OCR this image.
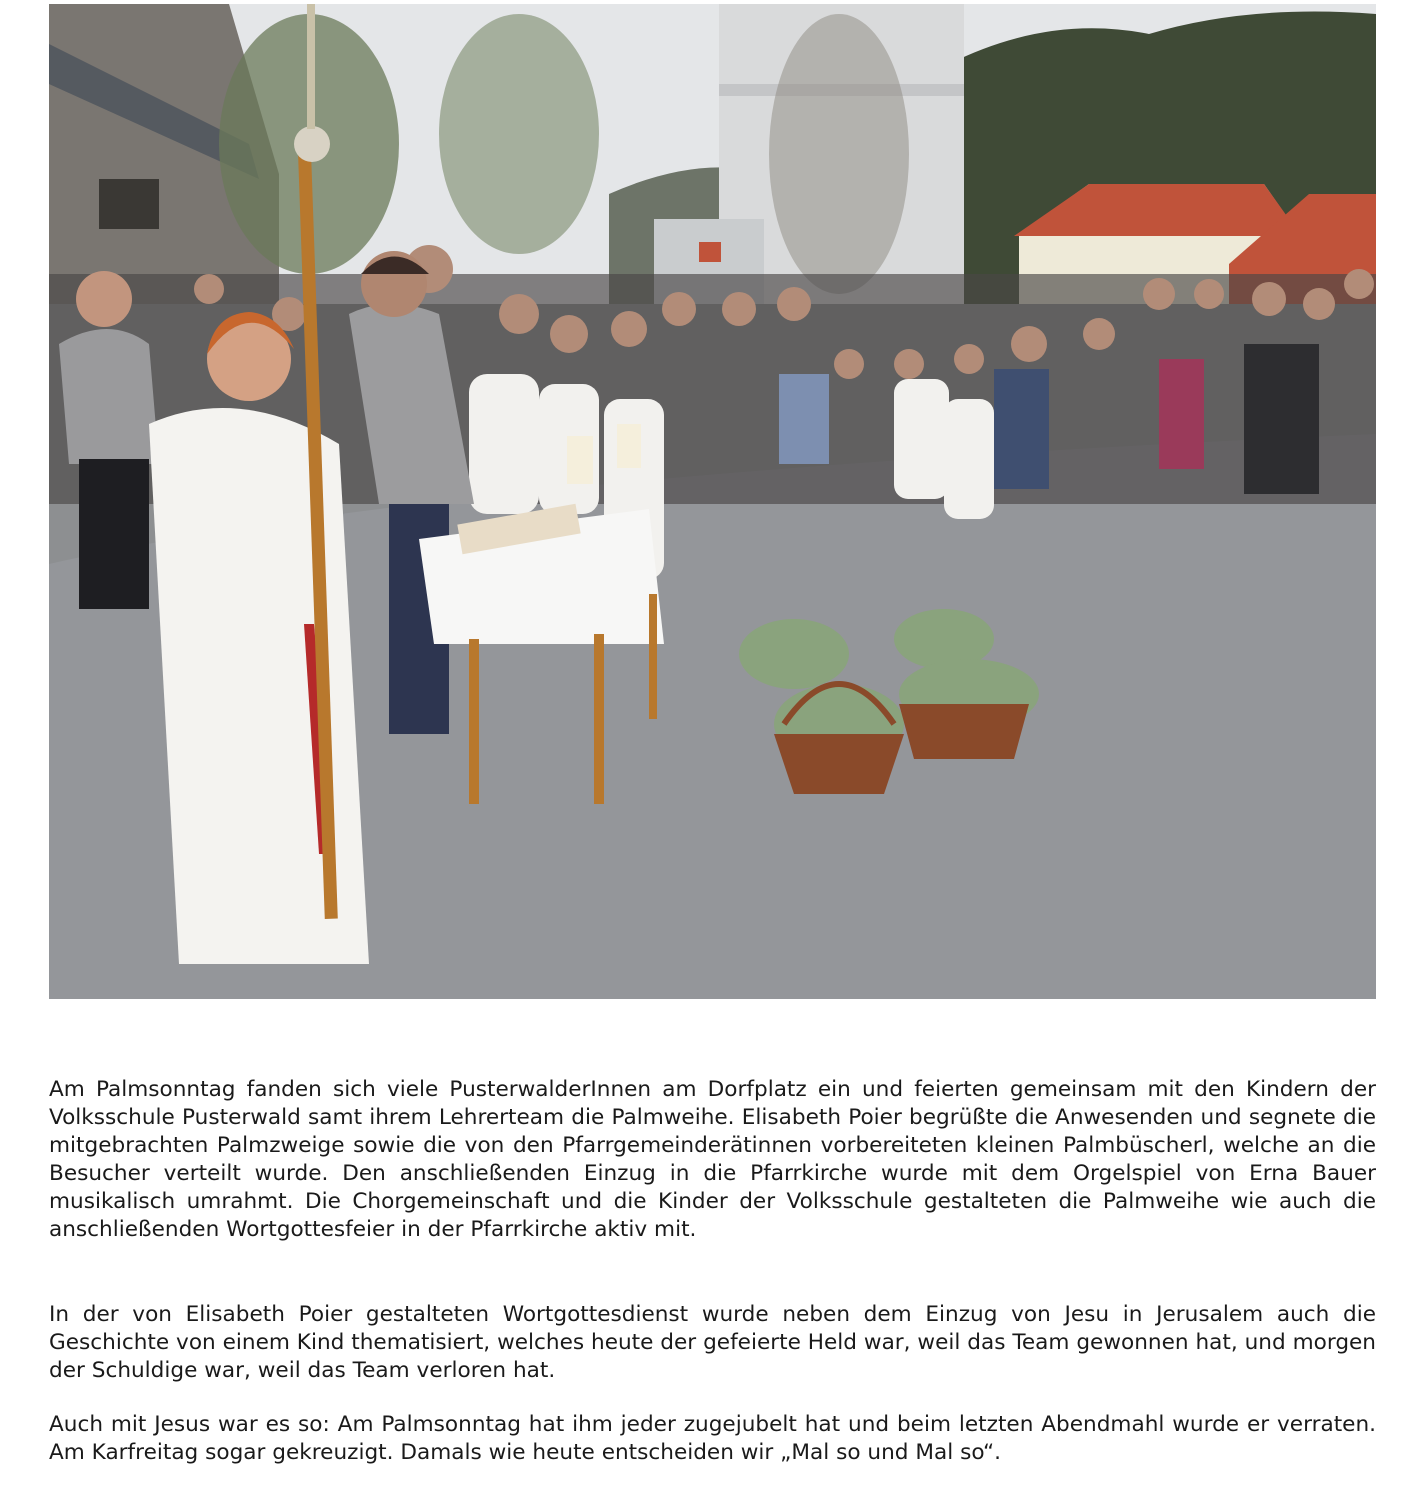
Am Palmsonntag fanden sich viele PusterwalderInnen am Dorfplatz ein und feierten gemeinsam mit den Kindern der Volksschule Pusterwald samt ihrem Lehrerteam die Palmweihe. Elisabeth Poier begrüßte die Anwesenden und segnete die mitgebrachten Palmzweige sowie die von den Pfarrgemeinderätinnen vorbereiteten kleinen Palmbüscherl, welche an die Besucher verteilt wurde. Den anschließenden Einzug in die Pfarrkirche wurde mit dem Orgelspiel von Erna Bauer musikalisch umrahmt. Die Chorgemeinschaft und die Kinder der Volksschule gestalteten die Palmweihe wie auch die anschließenden Wortgottesfeier in der Pfarrkirche aktiv mit.

In der von Elisabeth Poier gestalteten Wortgottesdienst wurde neben dem Einzug von Jesu in Jerusalem auch die Geschichte von einem Kind thematisiert, welches heute der gefeierte Held war, weil das Team gewonnen hat, und morgen der Schuldige war, weil das Team verloren hat.

Auch mit Jesus war es so: Am Palmsonntag hat ihm jeder zugejubelt hat und beim letzten Abendmahl wurde er verraten. Am Karfreitag sogar gekreuzigt. Damals wie heute entscheiden wir „Mal so und Mal so“.
